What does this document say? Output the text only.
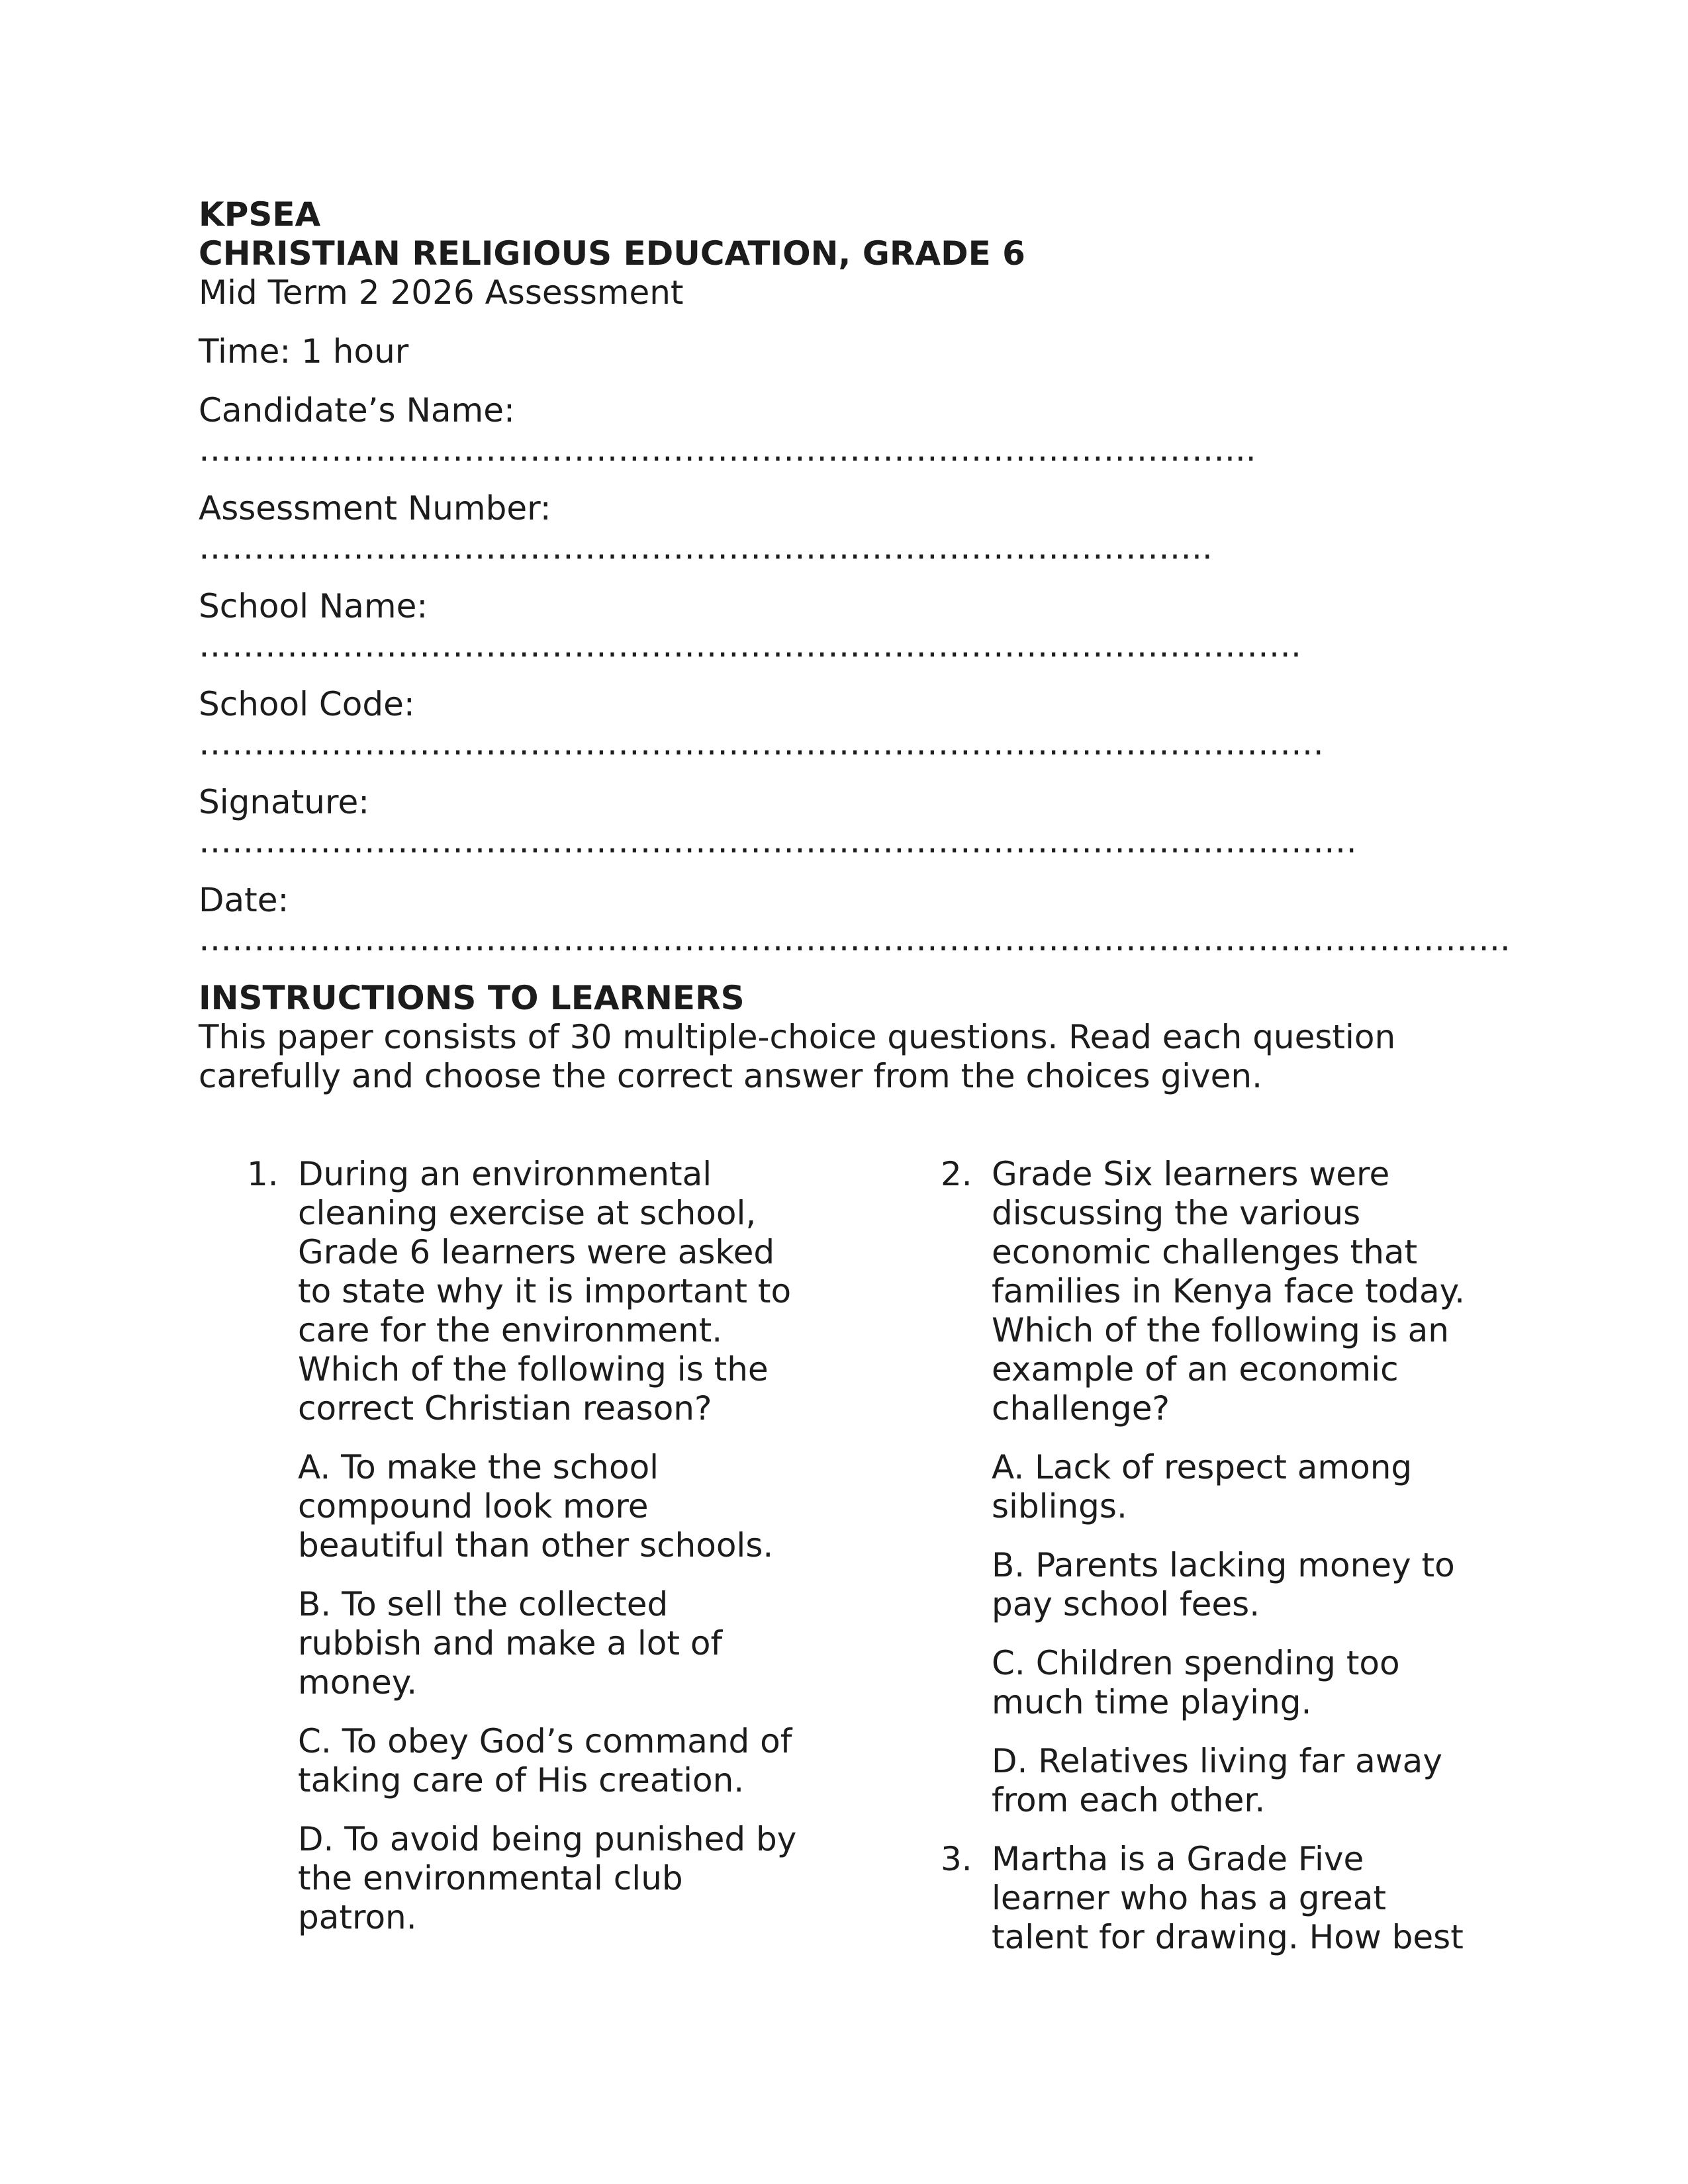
KPSEA
CHRISTIAN RELIGIOUS EDUCATION, GRADE 6
Mid Term 2 2026 Assessment
Time: 1 hour
Candidate’s Name:
…………………………………………………………………………………...
Assessment Number:
………………………………………………………………………………..
School Name:
……………………………………………………………………………………….
School Code:
…………………………………………………………………………………………
Signature:
……………………………………………………………………………………………
Date:
………………………………………………………………………………………………………..
INSTRUCTIONS TO LEARNERS
This paper consists of 30 multiple-choice questions. Read each question carefully and choose the correct answer from the choices given.
1. During an environmental cleaning exercise at school, Grade 6 learners were asked to state why it is important to care for the environment. Which of the following is the correct Christian reason?
A. To make the school compound look more beautiful than other schools.
B. To sell the collected rubbish and make a lot of money.
C. To obey God’s command of taking care of His creation.
D. To avoid being punished by the environmental club patron.
2. Grade Six learners were discussing the various economic challenges that families in Kenya face today. Which of the following is an example of an economic challenge?
A. Lack of respect among siblings.
B. Parents lacking money to pay school fees.
C. Children spending too much time playing.
D. Relatives living far away from each other.
3. Martha is a Grade Five learner who has a great talent for drawing. How best
